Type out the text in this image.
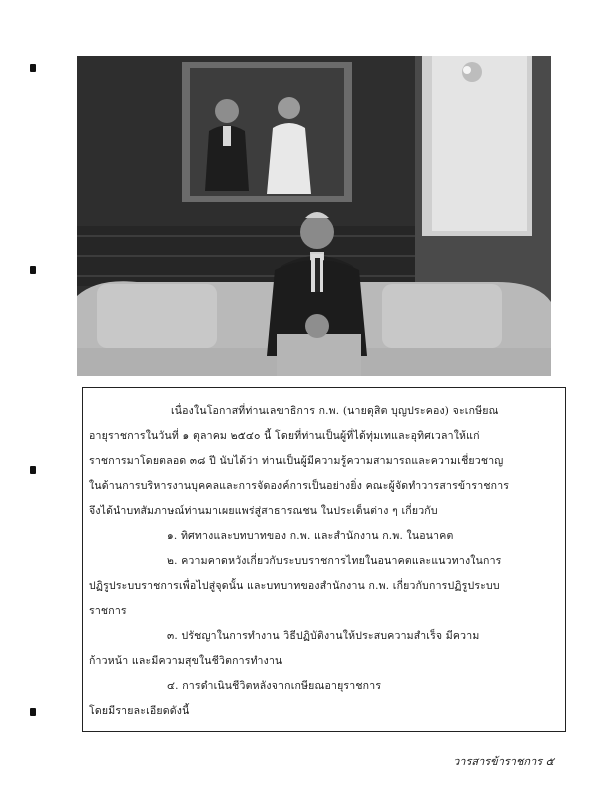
เนื่องในโอกาสที่ท่านเลขาธิการ ก.พ. (นายดุสิต บุญประคอง) จะเกษียณ
อายุราชการในวันที่ ๑ ตุลาคม ๒๕๔๐ นี้ โดยที่ท่านเป็นผู้ที่ได้ทุ่มเทและอุทิศเวลาให้แก่
ราชการมาโดยตลอด ๓๘ ปี นับได้ว่า ท่านเป็นผู้มีความรู้ความสามารถและความเชี่ยวชาญ
ในด้านการบริหารงานบุคคลและการจัดองค์การเป็นอย่างยิ่ง คณะผู้จัดทำวารสารข้าราชการ
จึงได้นำบทสัมภาษณ์ท่านมาเผยแพร่สู่สาธารณชน ในประเด็นต่าง ๆ เกี่ยวกับ
๑. ทิศทางและบทบาทของ ก.พ. และสำนักงาน ก.พ. ในอนาคต
๒. ความคาดหวังเกี่ยวกับระบบราชการไทยในอนาคตและแนวทางในการ
ปฏิรูประบบราชการเพื่อไปสู่จุดนั้น และบทบาทของสำนักงาน ก.พ. เกี่ยวกับการปฏิรูประบบ
ราชการ
๓. ปรัชญาในการทำงาน วิธีปฏิบัติงานให้ประสบความสำเร็จ มีความ
ก้าวหน้า และมีความสุขในชีวิตการทำงาน
๔. การดำเนินชีวิตหลังจากเกษียณอายุราชการ
โดยมีรายละเอียดดังนี้
วารสารข้าราชการ ๕
